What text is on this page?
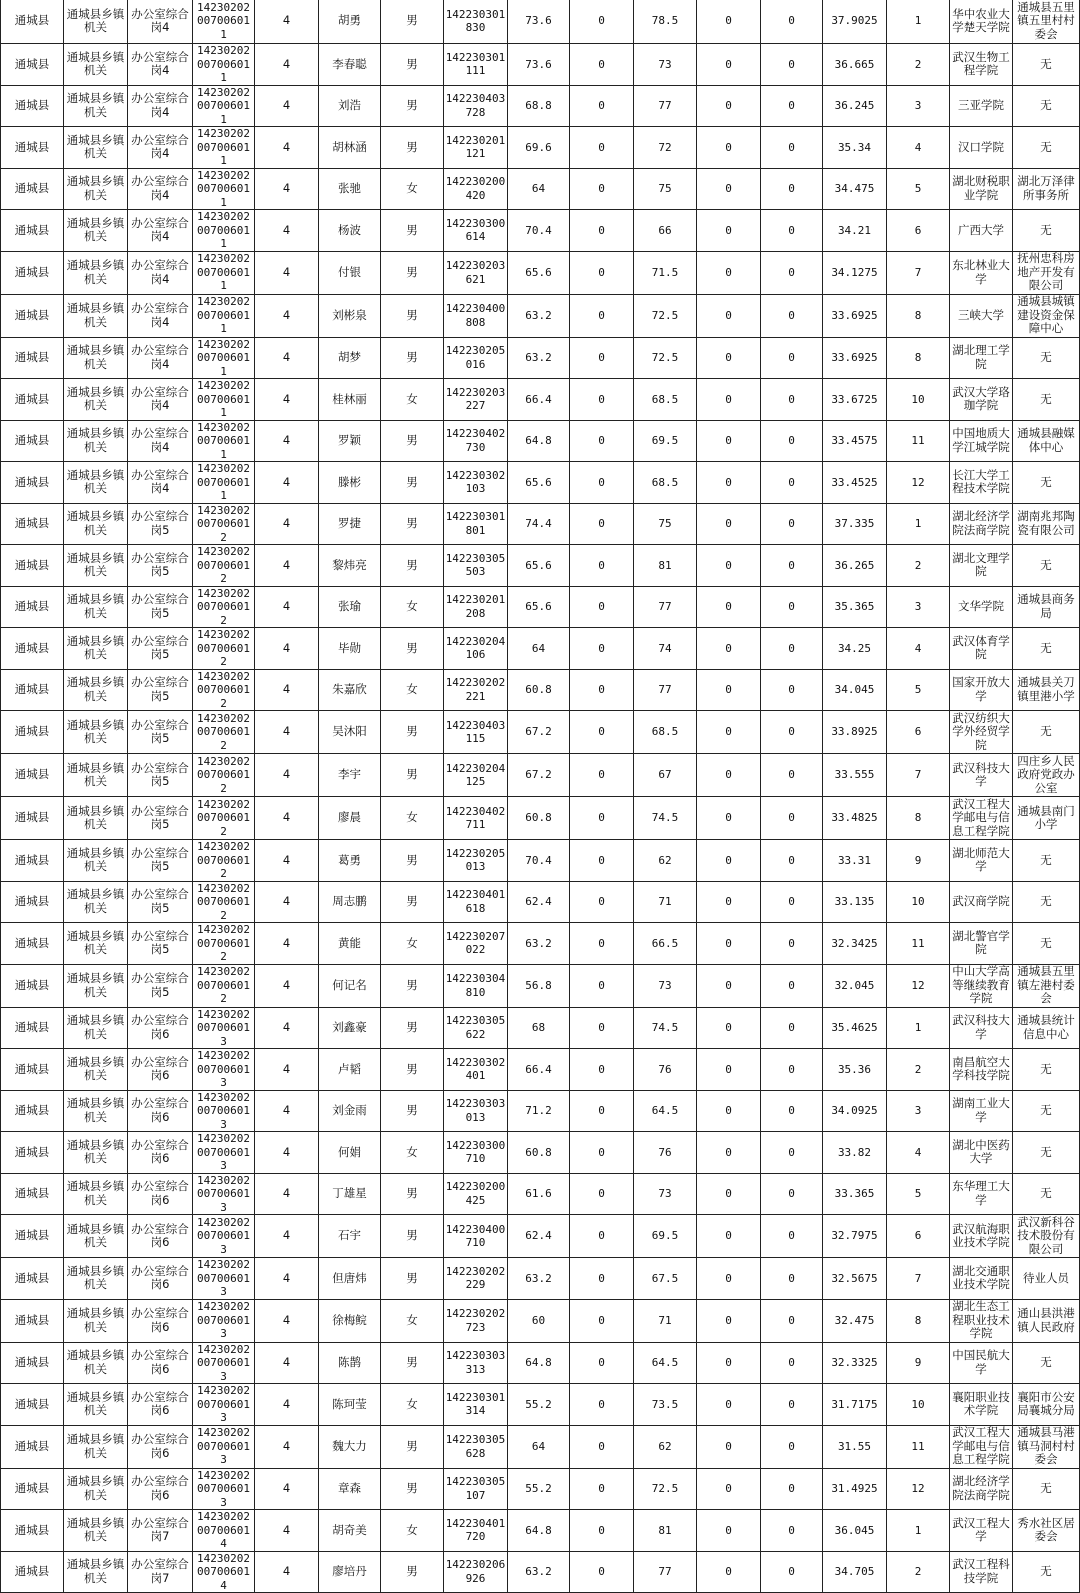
通城县	通城县乡镇机关	办公室综合岗4	14230202007006011	4	胡勇	男	142230301830	73.6	0	78.5	0	0	37.9025	1	华中农业大学楚天学院	通城县五里镇五里村村委会
通城县	通城县乡镇机关	办公室综合岗4	14230202007006011	4	李春聪	男	142230301111	73.6	0	73	0	0	36.665	2	武汉生物工程学院	无
通城县	通城县乡镇机关	办公室综合岗4	14230202007006011	4	刘浩	男	142230403728	68.8	0	77	0	0	36.245	3	三亚学院	无
通城县	通城县乡镇机关	办公室综合岗4	14230202007006011	4	胡林涵	男	142230201121	69.6	0	72	0	0	35.34	4	汉口学院	无
通城县	通城县乡镇机关	办公室综合岗4	14230202007006011	4	张驰	女	142230200420	64	0	75	0	0	34.475	5	湖北财税职业学院	湖北万泽律所事务所
通城县	通城县乡镇机关	办公室综合岗4	14230202007006011	4	杨波	男	142230300614	70.4	0	66	0	0	34.21	6	广西大学	无
通城县	通城县乡镇机关	办公室综合岗4	14230202007006011	4	付银	男	142230203621	65.6	0	71.5	0	0	34.1275	7	东北林业大学	抚州忠科房地产开发有限公司
通城县	通城县乡镇机关	办公室综合岗4	14230202007006011	4	刘彬泉	男	142230400808	63.2	0	72.5	0	0	33.6925	8	三峡大学	通城县城镇建设资金保障中心
通城县	通城县乡镇机关	办公室综合岗4	14230202007006011	4	胡梦	男	142230205016	63.2	0	72.5	0	0	33.6925	8	湖北理工学院	无
通城县	通城县乡镇机关	办公室综合岗4	14230202007006011	4	桂林丽	女	142230203227	66.4	0	68.5	0	0	33.6725	10	武汉大学珞珈学院	无
通城县	通城县乡镇机关	办公室综合岗4	14230202007006011	4	罗颖	男	142230402730	64.8	0	69.5	0	0	33.4575	11	中国地质大学江城学院	通城县融媒体中心
通城县	通城县乡镇机关	办公室综合岗4	14230202007006011	4	滕彬	男	142230302103	65.6	0	68.5	0	0	33.4525	12	长江大学工程技术学院	无
通城县	通城县乡镇机关	办公室综合岗5	14230202007006012	4	罗捷	男	142230301801	74.4	0	75	0	0	37.335	1	湖北经济学院法商学院	湖南兆邦陶瓷有限公司
通城县	通城县乡镇机关	办公室综合岗5	14230202007006012	4	黎炜亮	男	142230305503	65.6	0	81	0	0	36.265	2	湖北文理学院	无
通城县	通城县乡镇机关	办公室综合岗5	14230202007006012	4	张瑜	女	142230201208	65.6	0	77	0	0	35.365	3	文华学院	通城县商务局
通城县	通城县乡镇机关	办公室综合岗5	14230202007006012	4	毕勋	男	142230204106	64	0	74	0	0	34.25	4	武汉体育学院	无
通城县	通城县乡镇机关	办公室综合岗5	14230202007006012	4	朱嘉欣	女	142230202221	60.8	0	77	0	0	34.045	5	国家开放大学	通城县关刀镇里港小学
通城县	通城县乡镇机关	办公室综合岗5	14230202007006012	4	吴沐阳	男	142230403115	67.2	0	68.5	0	0	33.8925	6	武汉纺织大学外经贸学院	无
通城县	通城县乡镇机关	办公室综合岗5	14230202007006012	4	李宇	男	142230204125	67.2	0	67	0	0	33.555	7	武汉科技大学	四庄乡人民政府党政办公室
通城县	通城县乡镇机关	办公室综合岗5	14230202007006012	4	廖晨	女	142230402711	60.8	0	74.5	0	0	33.4825	8	武汉工程大学邮电与信息工程学院	通城县南门小学
通城县	通城县乡镇机关	办公室综合岗5	14230202007006012	4	葛勇	男	142230205013	70.4	0	62	0	0	33.31	9	湖北师范大学	无
通城县	通城县乡镇机关	办公室综合岗5	14230202007006012	4	周志鹏	男	142230401618	62.4	0	71	0	0	33.135	10	武汉商学院	无
通城县	通城县乡镇机关	办公室综合岗5	14230202007006012	4	黄能	女	142230207022	63.2	0	66.5	0	0	32.3425	11	湖北警官学院	无
通城县	通城县乡镇机关	办公室综合岗5	14230202007006012	4	何记名	男	142230304810	56.8	0	73	0	0	32.045	12	中山大学高等继续教育学院	通城县五里镇左港村委会
通城县	通城县乡镇机关	办公室综合岗6	14230202007006013	4	刘鑫豪	男	142230305622	68	0	74.5	0	0	35.4625	1	武汉科技大学	通城县统计信息中心
通城县	通城县乡镇机关	办公室综合岗6	14230202007006013	4	卢韬	男	142230302401	66.4	0	76	0	0	35.36	2	南昌航空大学科技学院	无
通城县	通城县乡镇机关	办公室综合岗6	14230202007006013	4	刘金雨	男	142230303013	71.2	0	64.5	0	0	34.0925	3	湖南工业大学	无
通城县	通城县乡镇机关	办公室综合岗6	14230202007006013	4	何娟	女	142230300710	60.8	0	76	0	0	33.82	4	湖北中医药大学	无
通城县	通城县乡镇机关	办公室综合岗6	14230202007006013	4	丁雄星	男	142230200425	61.6	0	73	0	0	33.365	5	东华理工大学	无
通城县	通城县乡镇机关	办公室综合岗6	14230202007006013	4	石宇	男	142230400710	62.4	0	69.5	0	0	32.7975	6	武汉航海职业技术学院	武汉新科谷技术股份有限公司
通城县	通城县乡镇机关	办公室综合岗6	14230202007006013	4	但唐炜	男	142230202229	63.2	0	67.5	0	0	32.5675	7	湖北交通职业技术学院	待业人员
通城县	通城县乡镇机关	办公室综合岗6	14230202007006013	4	徐梅鲩	女	142230202723	60	0	71	0	0	32.475	8	湖北生态工程职业技术学院	通山县洪港镇人民政府
通城县	通城县乡镇机关	办公室综合岗6	14230202007006013	4	陈鹊	男	142230303313	64.8	0	64.5	0	0	32.3325	9	中国民航大学	无
通城县	通城县乡镇机关	办公室综合岗6	14230202007006013	4	陈珂莹	女	142230301314	55.2	0	73.5	0	0	31.7175	10	襄阳职业技术学院	襄阳市公安局襄城分局
通城县	通城县乡镇机关	办公室综合岗6	14230202007006013	4	魏大力	男	142230305628	64	0	62	0	0	31.55	11	武汉工程大学邮电与信息工程学院	通城县马港镇马洞村村委会
通城县	通城县乡镇机关	办公室综合岗6	14230202007006013	4	章森	男	142230305107	55.2	0	72.5	0	0	31.4925	12	湖北经济学院法商学院	无
通城县	通城县乡镇机关	办公室综合岗7	14230202007006014	4	胡奇美	女	142230401720	64.8	0	81	0	0	36.045	1	武汉工程大学	秀水社区居委会
通城县	通城县乡镇机关	办公室综合岗7	14230202007006014	4	廖培丹	男	142230206926	63.2	0	77	0	0	34.705	2	武汉工程科技学院	无
